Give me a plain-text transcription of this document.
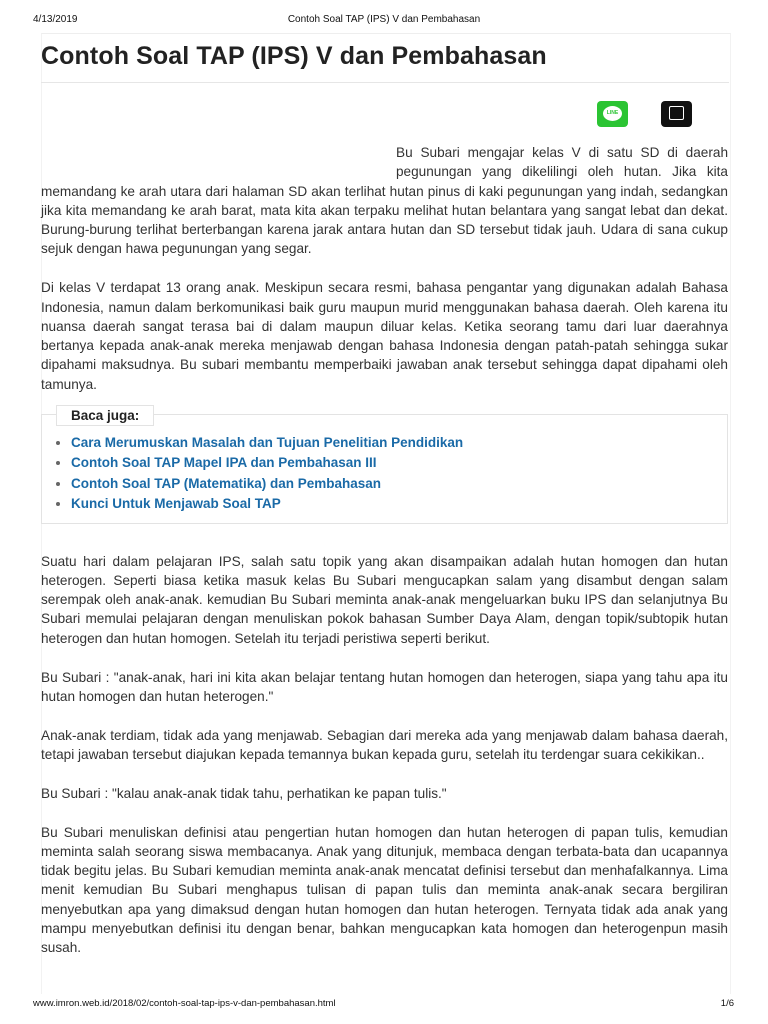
4/13/2019	Contoh Soal TAP (IPS) V dan Pembahasan
Contoh Soal TAP (IPS) V dan Pembahasan
LINE

Bu Subari mengajar kelas V di satu SD di daerah pegunungan yang dikelilingi oleh hutan. Jika kita memandang ke arah utara dari halaman SD akan terlihat hutan pinus di kaki pegunungan yang indah, sedangkan jika kita memandang ke arah barat, mata kita akan terpaku melihat hutan belantara yang sangat lebat dan dekat. Burung-burung terlihat berterbangan karena jarak antara hutan dan SD tersebut tidak jauh. Udara di sana cukup sejuk dengan hawa pegunungan yang segar.

Di kelas V terdapat 13 orang anak. Meskipun secara resmi, bahasa pengantar yang digunakan adalah Bahasa Indonesia, namun dalam berkomunikasi baik guru maupun murid menggunakan bahasa daerah. Oleh karena itu nuansa daerah sangat terasa bai di dalam maupun diluar kelas. Ketika seorang tamu dari luar daerahnya bertanya kepada anak-anak mereka menjawab dengan bahasa Indonesia dengan patah-patah sehingga sukar dipahami maksudnya. Bu subari membantu memperbaiki jawaban anak tersebut sehingga dapat dipahami oleh tamunya.

Baca juga:
• Cara Merumuskan Masalah dan Tujuan Penelitian Pendidikan
• Contoh Soal TAP Mapel IPA dan Pembahasan III
• Contoh Soal TAP (Matematika) dan Pembahasan
• Kunci Untuk Menjawab Soal TAP

Suatu hari dalam pelajaran IPS, salah satu topik yang akan disampaikan adalah hutan homogen dan hutan heterogen. Seperti biasa ketika masuk kelas Bu Subari mengucapkan salam yang disambut dengan salam serempak oleh anak-anak. kemudian Bu Subari meminta anak-anak mengeluarkan buku IPS dan selanjutnya Bu Subari memulai pelajaran dengan menuliskan pokok bahasan Sumber Daya Alam, dengan topik/subtopik hutan heterogen dan hutan homogen. Setelah itu terjadi peristiwa seperti berikut.

Bu Subari : "anak-anak, hari ini kita akan belajar tentang hutan homogen dan heterogen, siapa yang tahu apa itu hutan homogen dan hutan heterogen."

Anak-anak terdiam, tidak ada yang menjawab. Sebagian dari mereka ada yang menjawab dalam bahasa daerah, tetapi jawaban tersebut diajukan kepada temannya bukan kepada guru, setelah itu terdengar suara cekikikan..

Bu Subari : "kalau anak-anak tidak tahu, perhatikan ke papan tulis."

Bu Subari menuliskan definisi atau pengertian hutan homogen dan hutan heterogen di papan tulis, kemudian meminta salah seorang siswa membacanya. Anak yang ditunjuk, membaca dengan terbata-bata dan ucapannya tidak begitu jelas. Bu Subari kemudian meminta anak-anak mencatat definisi tersebut dan menhafalkannya. Lima menit kemudian Bu Subari menghapus tulisan di papan tulis dan meminta anak-anak secara bergiliran menyebutkan apa yang dimaksud dengan hutan homogen dan hutan heterogen. Ternyata tidak ada anak yang mampu menyebutkan definisi itu dengan benar, bahkan mengucapkan kata homogen dan heterogenpun masih susah.

www.imron.web.id/2018/02/contoh-soal-tap-ips-v-dan-pembahasan.html	1/6
